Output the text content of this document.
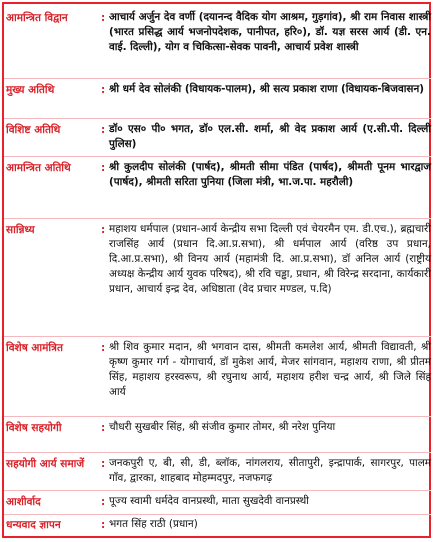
आमन्त्रित विद्वान	: आचार्य अर्जुन देव वर्णी (दयानन्द वैदिक योग आश्रम, गुड़गांव), श्री राम निवास शास्त्री (भारत प्रसिद्ध आर्य भजनोपदेशक, पानीपत, हरि०), डॉ. यज्ञ सरस आर्य (डी. एन. वाई. दिल्ली), योग व चिकित्सा-सेवक पावनी, आचार्य प्रवेश शास्त्री
मुख्य अतिथि	: श्री धर्म देव सोलंकी (विधायक-पालम), श्री सत्य प्रकाश राणा (विधायक-बिजवासन)
विशिष्ट अतिथि	: डॉ० एस० पी० भगत, डॉ० एल.सी. शर्मा, श्री वेद प्रकाश आर्य (ए.सी.पी. दिल्ली पुलिस)
आमन्त्रित अतिथि	: श्री कुलदीप सोलंकी (पार्षद), श्रीमती सीमा पंडित (पार्षद), श्रीमती पूनम भारद्वाज (पार्षद), श्रीमती सरिता पुनिया (जिला मंत्री, भा.ज.पा. महरौली)
सान्निध्य	: महाशय धर्मपाल (प्रधान-आर्य केन्द्रीय सभा दिल्ली एवं चेयरमैन एम. डी.एच.), ब्रह्मचारी राजसिंह आर्य (प्रधान दि.आ.प्र.सभा), श्री धर्मपाल आर्य (वरिष्ठ उप प्रधान, दि.आ.प्र.सभा), श्री विनय आर्य (महामंत्री दि. आ.प्र.सभा), डॉ अनिल आर्य (राष्ट्रीय अध्यक्ष केन्द्रीय आर्य युवक परिषद), श्री रवि चड्ढा, प्रधान, श्री विरेन्द्र सरदाना, कार्यकारी प्रधान, आचार्य इन्द्र देव, अधिष्ठाता (वेद प्रचार मण्डल, प.दि)
विशेष आमंत्रित	: श्री शिव कुमार मदान, श्री भगवान दास, श्रीमती कमलेश आर्य, श्रीमती विद्यावती, श्री कृष्ण कुमार गर्ग - योगाचार्य, डॉ मुकेश आर्य, मेजर सांगवान, महाशय राणा, श्री प्रीतम सिंह, महाशय हरस्वरूप, श्री रघुनाथ आर्य, महाशय हरीश चन्द्र आर्य, श्री जिले सिंह आर्य
विशेष सहयोगी	: चौधरी सुखबीर सिंह, श्री संजीव कुमार तोमर, श्री नरेश पुनिया
सहयोगी आर्य समाजें	: जनकपुरी ए, बी, सी, डी, ब्लॉक, नांगलराय, सीतापुरी, इन्द्रापार्क, सागरपुर, पालम गाँव, द्वारका, शाहबाद मोहम्मदपुर, नजफगढ़
आशीर्वाद	: पूज्य स्वामी धर्मदेव वानप्रस्थी, माता सुखदेवी वानप्रस्थी
धन्यवाद ज्ञापन	: भगत सिंह राठी (प्रधान)
